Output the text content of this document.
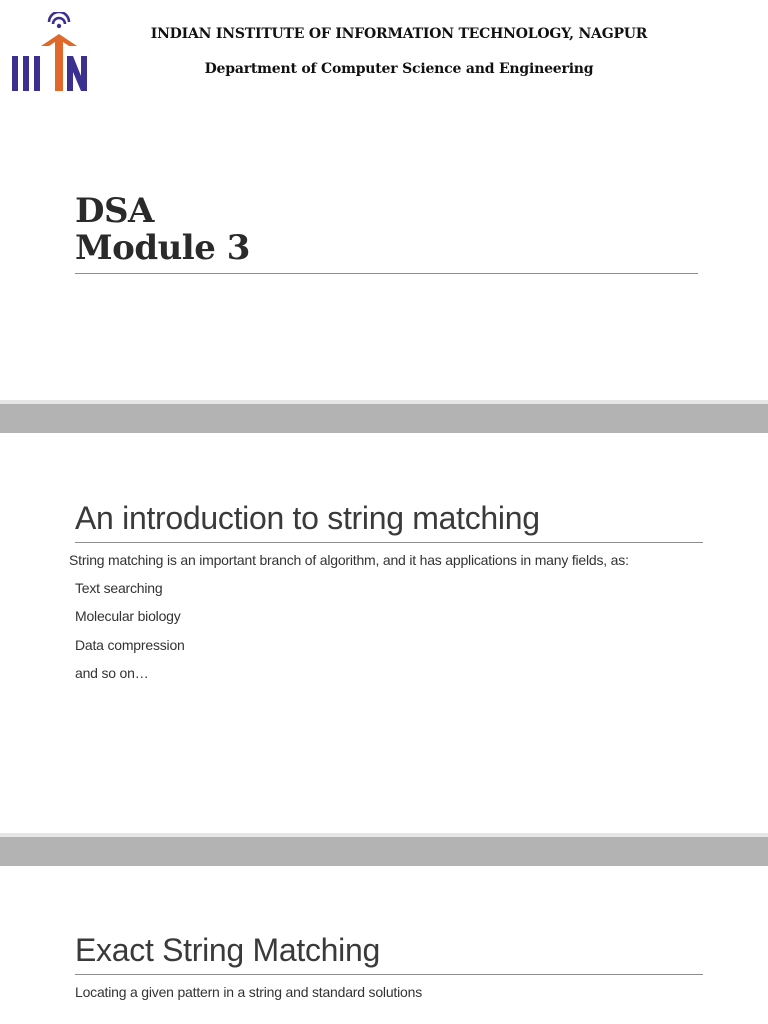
INDIAN INSTITUTE OF INFORMATION TECHNOLOGY, NAGPUR
Department of Computer Science and Engineering
DSA
Module 3
An introduction to string matching
String matching is an important branch of algorithm, and it has applications in many fields, as:
Text searching
Molecular biology
Data compression
and so on…
Exact String Matching
Locating a given pattern in a string and standard solutions
